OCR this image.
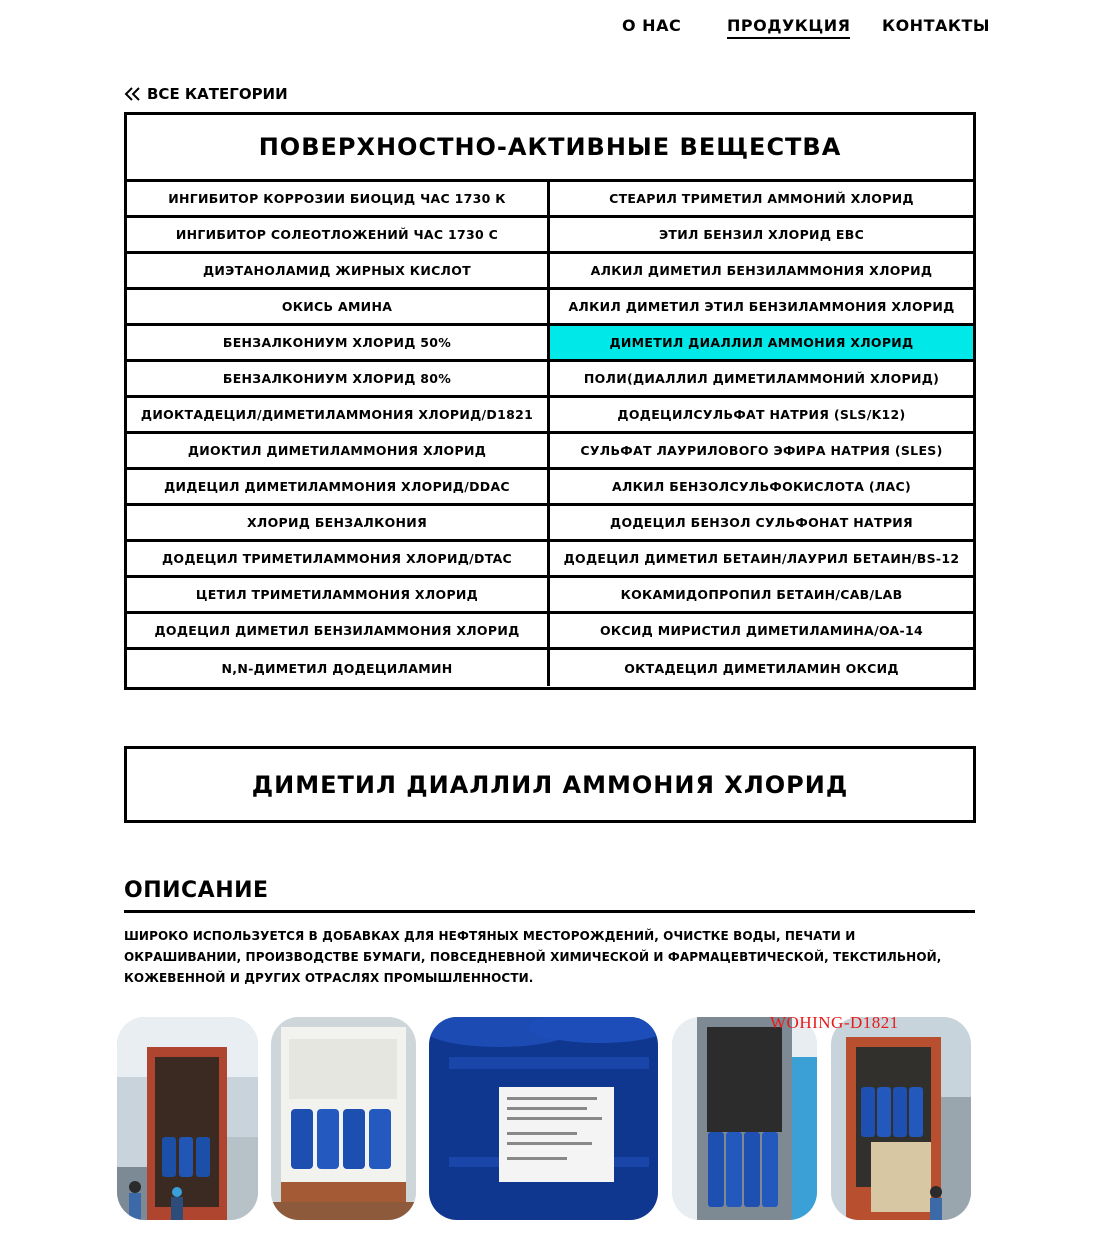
О НАС	ПРОДУКЦИЯ КОНТАКТЫ
ВСЕ КАТЕГОРИИ
ПОВЕРХНОСТНО-АКТИВНЫЕ ВЕЩЕСТВА
ИНГИБИТОР КОРРОЗИИ БИОЦИД ЧАС 1730 К	СТЕАРИЛ ТРИМЕТИЛ АММОНИЙ ХЛОРИД
ИНГИБИТОР СОЛЕОТЛОЖЕНИЙ ЧАС 1730 С	ЭТИЛ БЕНЗИЛ ХЛОРИД EBC
ДИЭТАНОЛАМИД ЖИРНЫХ КИСЛОТ	АЛКИЛ ДИМЕТИЛ БЕНЗИЛАММОНИЯ ХЛОРИД
ОКИСЬ АМИНА	АЛКИЛ ДИМЕТИЛ ЭТИЛ БЕНЗИЛАММОНИЯ ХЛОРИД
БЕНЗАЛКОНИУМ ХЛОРИД 50%	ДИМЕТИЛ ДИАЛЛИЛ АММОНИЯ ХЛОРИД
БЕНЗАЛКОНИУМ ХЛОРИД 80%	ПОЛИ(ДИАЛЛИЛ ДИМЕТИЛАММОНИЙ ХЛОРИД)
ДИОКТАДЕЦИЛ/ДИМЕТИЛАММОНИЯ ХЛОРИД/D1821	ДОДЕЦИЛСУЛЬФАТ НАТРИЯ (SLS/K12)
ДИОКТИЛ ДИМЕТИЛАММОНИЯ ХЛОРИД	СУЛЬФАТ ЛАУРИЛОВОГО ЭФИРА НАТРИЯ (SLES)
ДИДЕЦИЛ ДИМЕТИЛАММОНИЯ ХЛОРИД/DDAC	АЛКИЛ БЕНЗОЛСУЛЬФОКИСЛОТА (ЛАС)
ХЛОРИД БЕНЗАЛКОНИЯ	ДОДЕЦИЛ БЕНЗОЛ СУЛЬФОНАТ НАТРИЯ
ДОДЕЦИЛ ТРИМЕТИЛАММОНИЯ ХЛОРИД/DTAC	ДОДЕЦИЛ ДИМЕТИЛ БЕТАИН/ЛАУРИЛ БЕТАИН/BS-12
ЦЕТИЛ ТРИМЕТИЛАММОНИЯ ХЛОРИД	КОКАМИДОПРОПИЛ БЕТАИН/CAB/LAB
ДОДЕЦИЛ ДИМЕТИЛ БЕНЗИЛАММОНИЯ ХЛОРИД	ОКСИД МИРИСТИЛ ДИМЕТИЛАМИНА/OA-14
N,N-ДИМЕТИЛ ДОДЕЦИЛАМИН	ОКТАДЕЦИЛ ДИМЕТИЛАМИН ОКСИД
ДИМЕТИЛ ДИАЛЛИЛ АММОНИЯ ХЛОРИД
ОПИСАНИЕ
ШИРОКО ИСПОЛЬЗУЕТСЯ В ДОБАВКАХ ДЛЯ НЕФТЯНЫХ МЕСТОРОЖДЕНИЙ, ОЧИСТКЕ ВОДЫ, ПЕЧАТИ И ОКРАШИВАНИИ, ПРОИЗВОДСТВЕ БУМАГИ, ПОВСЕДНЕВНОЙ ХИМИЧЕСКОЙ И ФАРМАЦЕВТИЧЕСКОЙ, ТЕКСТИЛЬНОЙ, КОЖЕВЕННОЙ И ДРУГИХ ОТРАСЛЯХ ПРОМЫШЛЕННОСТИ.
WOHING-D1821
